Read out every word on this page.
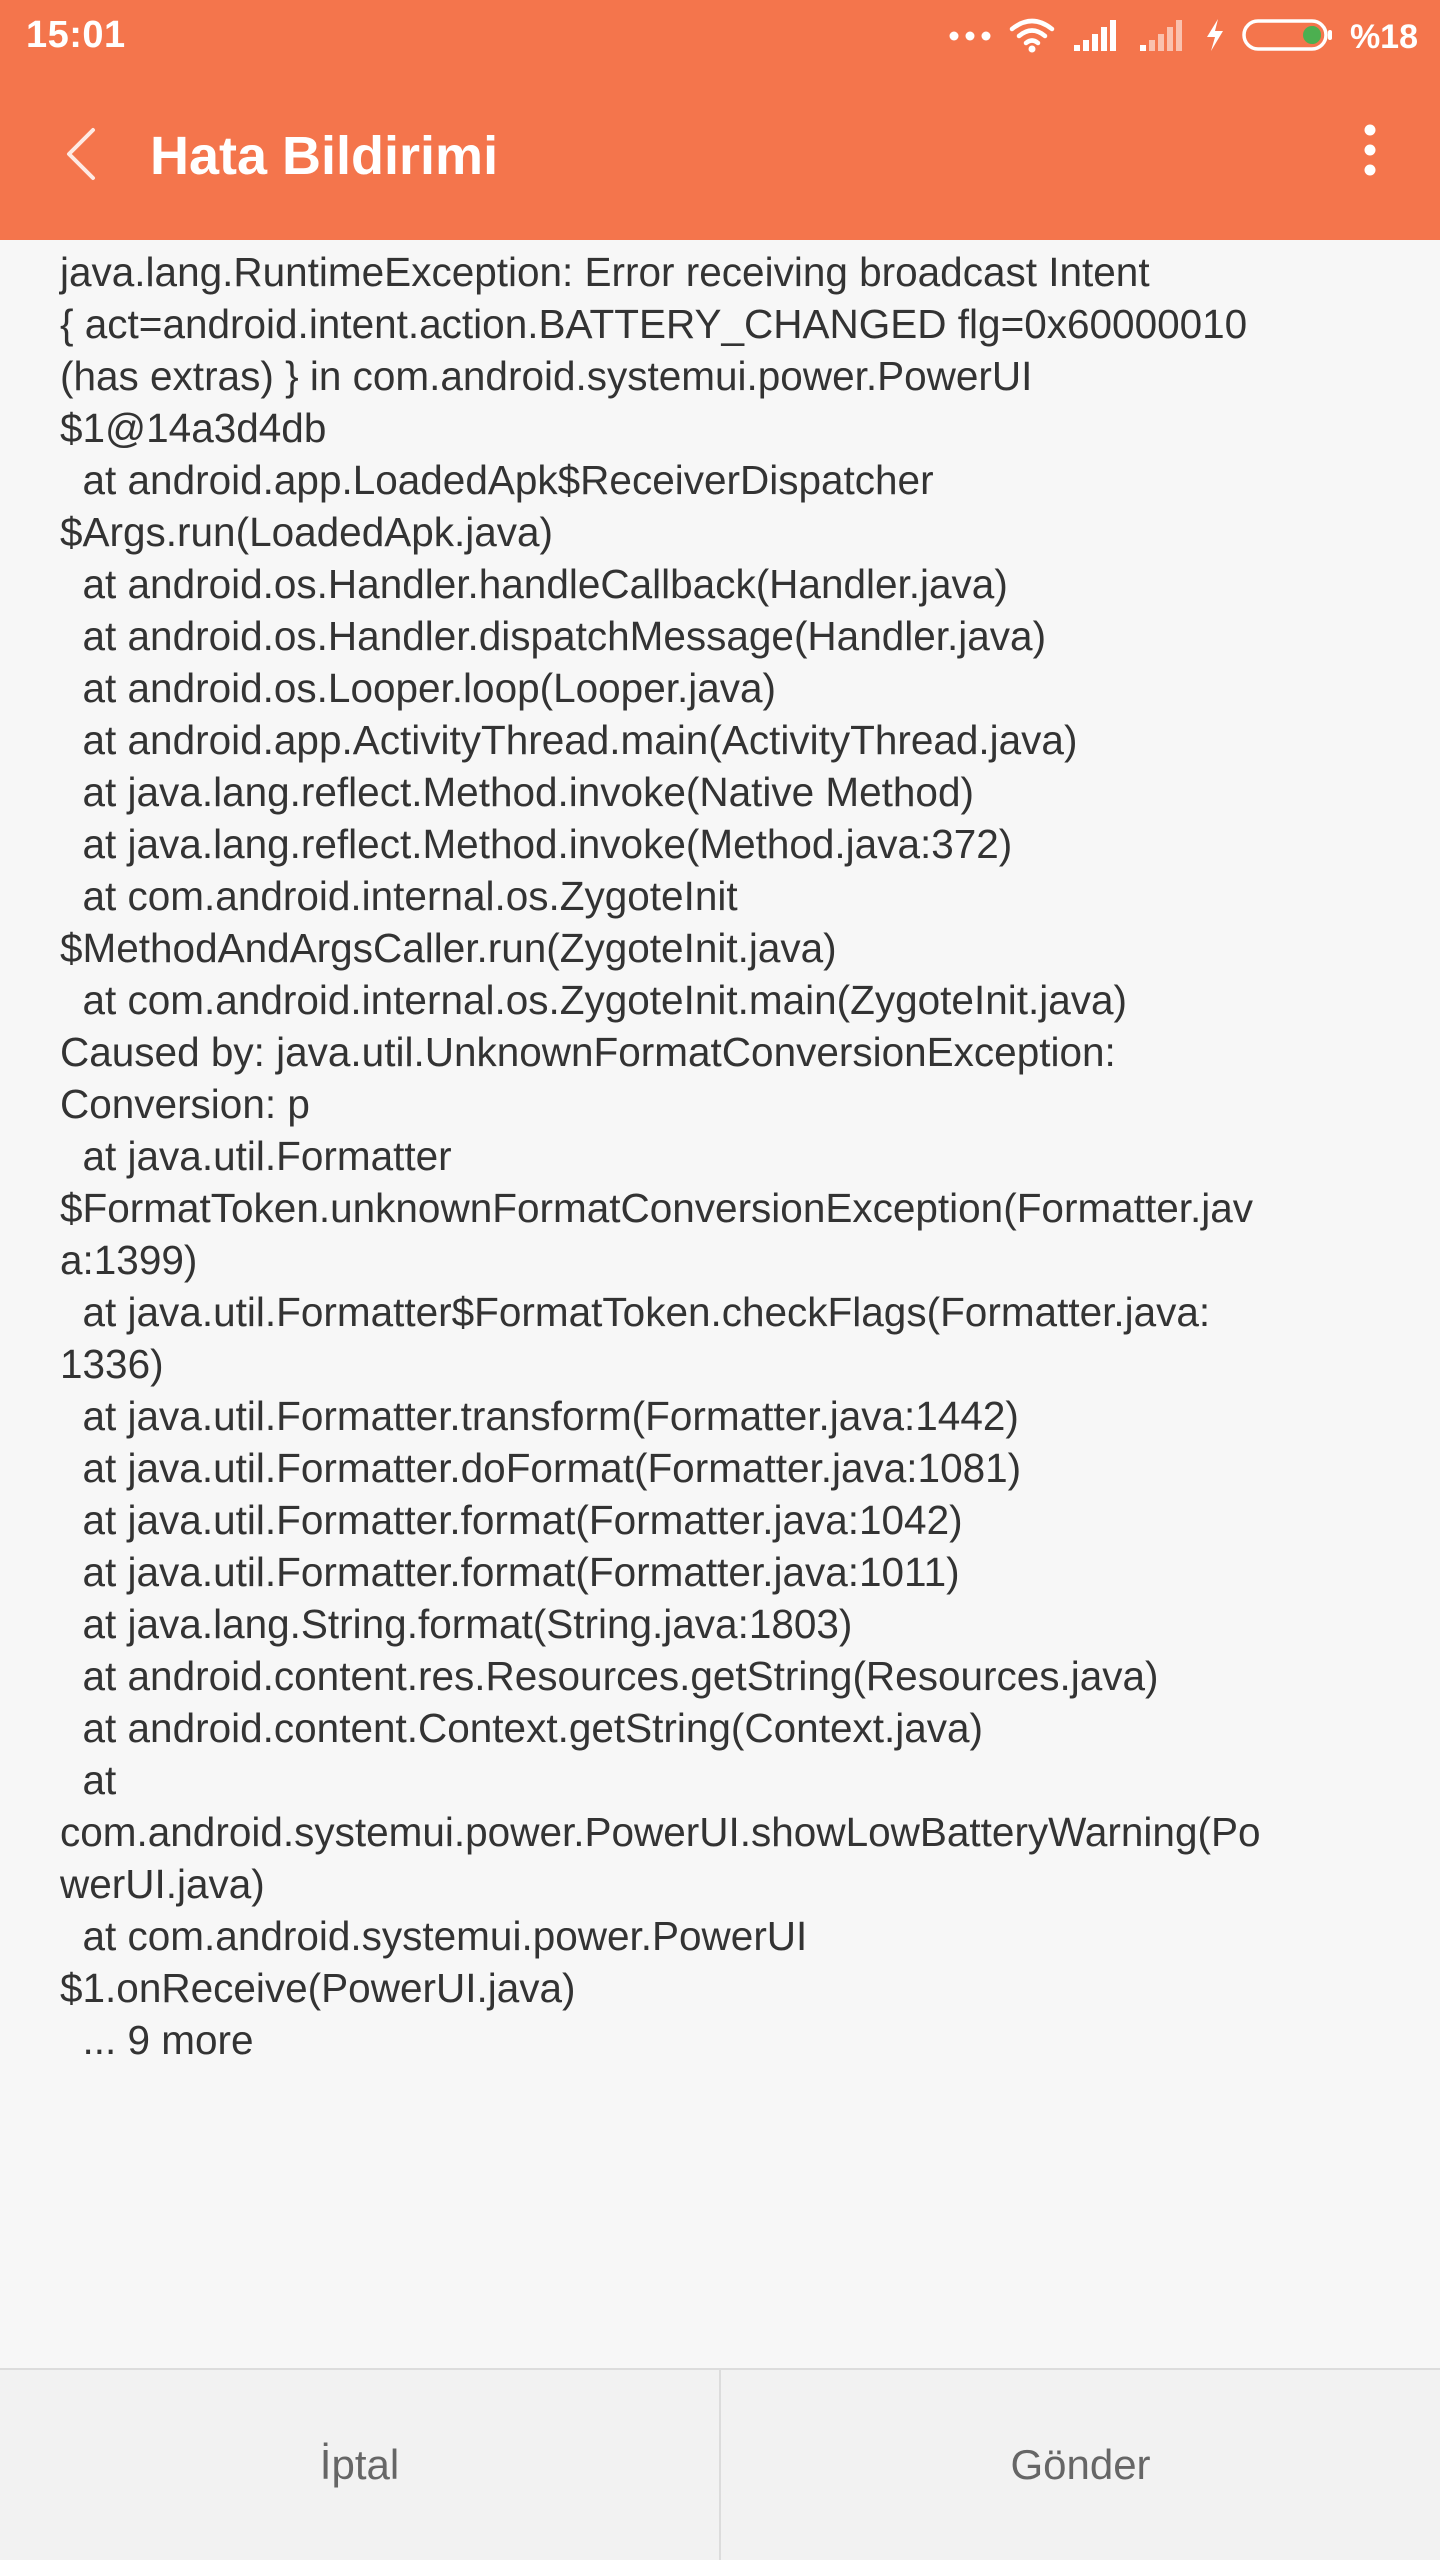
15:01	%18
Hata Bildirimi
java.lang.RuntimeException: Error receiving broadcast Intent
{ act=android.intent.action.BATTERY_CHANGED flg=0x60000010
(has extras) } in com.android.systemui.power.PowerUI
$1@14a3d4db
at android.app.LoadedApk$ReceiverDispatcher
$Args.run(LoadedApk.java)
at android.os.Handler.handleCallback(Handler.java)
at android.os.Handler.dispatchMessage(Handler.java)
at android.os.Looper.loop(Looper.java)
at android.app.ActivityThread.main(ActivityThread.java)
at java.lang.reflect.Method.invoke(Native Method)
at java.lang.reflect.Method.invoke(Method.java:372)
at com.android.internal.os.ZygoteInit
$MethodAndArgsCaller.run(ZygoteInit.java)
at com.android.internal.os.ZygoteInit.main(ZygoteInit.java)
Caused by: java.util.UnknownFormatConversionException:
Conversion: p
at java.util.Formatter
$FormatToken.unknownFormatConversionException(Formatter.jav
a:1399)
at java.util.Formatter$FormatToken.checkFlags(Formatter.java:
1336)
at java.util.Formatter.transform(Formatter.java:1442)
at java.util.Formatter.doFormat(Formatter.java:1081)
at java.util.Formatter.format(Formatter.java:1042)
at java.util.Formatter.format(Formatter.java:1011)
at java.lang.String.format(String.java:1803)
at android.content.res.Resources.getString(Resources.java)
at android.content.Context.getString(Context.java)
at
com.android.systemui.power.PowerUI.showLowBatteryWarning(Po
werUI.java)
at com.android.systemui.power.PowerUI
$1.onReceive(PowerUI.java)
... 9 more
İptal	Gönder
